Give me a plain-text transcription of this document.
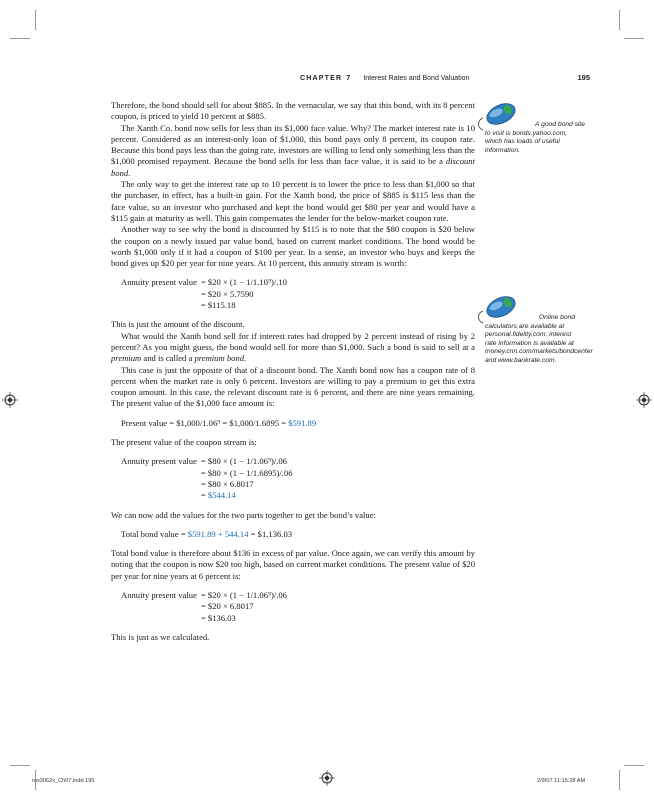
CHAPTER 7	Interest Rates and Bond Valuation	195

Therefore, the bond should sell for about $885. In the vernacular, we say that this bond, with its 8 percent coupon, is priced to yield 10 percent at $885.

The Xanth Co. bond now sells for less than its $1,000 face value. Why? The market interest rate is 10 percent. Considered as an interest-only loan of $1,000, this bond pays only 8 percent, its coupon rate. Because this bond pays less than the going rate, investors are willing to lend only something less than the $1,000 promised repayment. Because the bond sells for less than face value, it is said to be a discount bond.

The only way to get the interest rate up to 10 percent is to lower the price to less than $1,000 so that the purchaser, in effect, has a built-in gain. For the Xanth bond, the price of $885 is $115 less than the face value, so an investor who purchased and kept the bond would get $80 per year and would have a $115 gain at maturity as well. This gain compensates the lender for the below-market coupon rate.

Another way to see why the bond is discounted by $115 is to note that the $80 coupon is $20 below the coupon on a newly issued par value bond, based on current market conditions. The bond would be worth $1,000 only if it had a coupon of $100 per year. In a sense, an investor who buys and keeps the bond gives up $20 per year for nine years. At 10 percent, this annuity stream is worth:

Annuity present value = $20 × (1 − 1/1.10⁹)/.10
= $20 × 5.7590
= $115.18

This is just the amount of the discount.

What would the Xanth bond sell for if interest rates had dropped by 2 percent instead of rising by 2 percent? As you might guess, the bond would sell for more than $1,000. Such a bond is said to sell at a premium and is called a premium bond.

This case is just the opposite of that of a discount bond. The Xanth bond now has a coupon rate of 8 percent when the market rate is only 6 percent. Investors are willing to pay a premium to get this extra coupon amount. In this case, the relevant discount rate is 6 percent, and there are nine years remaining. The present value of the $1,000 face amount is:

Present value = $1,000/1.06⁹ = $1,000/1.6895 = $591.89

The present value of the coupon stream is:

Annuity present value = $80 × (1 − 1/1.06⁹)/.06
= $80 × (1 − 1/1.6895)/.06
= $80 × 6.8017
= $544.14

We can now add the values for the two parts together to get the bond’s value:

Total bond value = $591.89 + 544.14 = $1,136.03

Total bond value is therefore about $136 in excess of par value. Once again, we can verify this amount by noting that the coupon is now $20 too high, based on current market conditions. The present value of $20 per year for nine years at 6 percent is:

Annuity present value = $20 × (1 − 1/1.06⁹)/.06
= $20 × 6.8017
= $136.03

This is just as we calculated.

A good bond site
to visit is bonds.yahoo.com, which has loads of useful information.
Online bond
calculators are available at personal.fidelity.com; interest rate information is available at money.cnn.com/markets/bondcenter and www.bankrate.com.
ros3062x_Ch07.indd 195	2/9/07 11:15:28 AM
